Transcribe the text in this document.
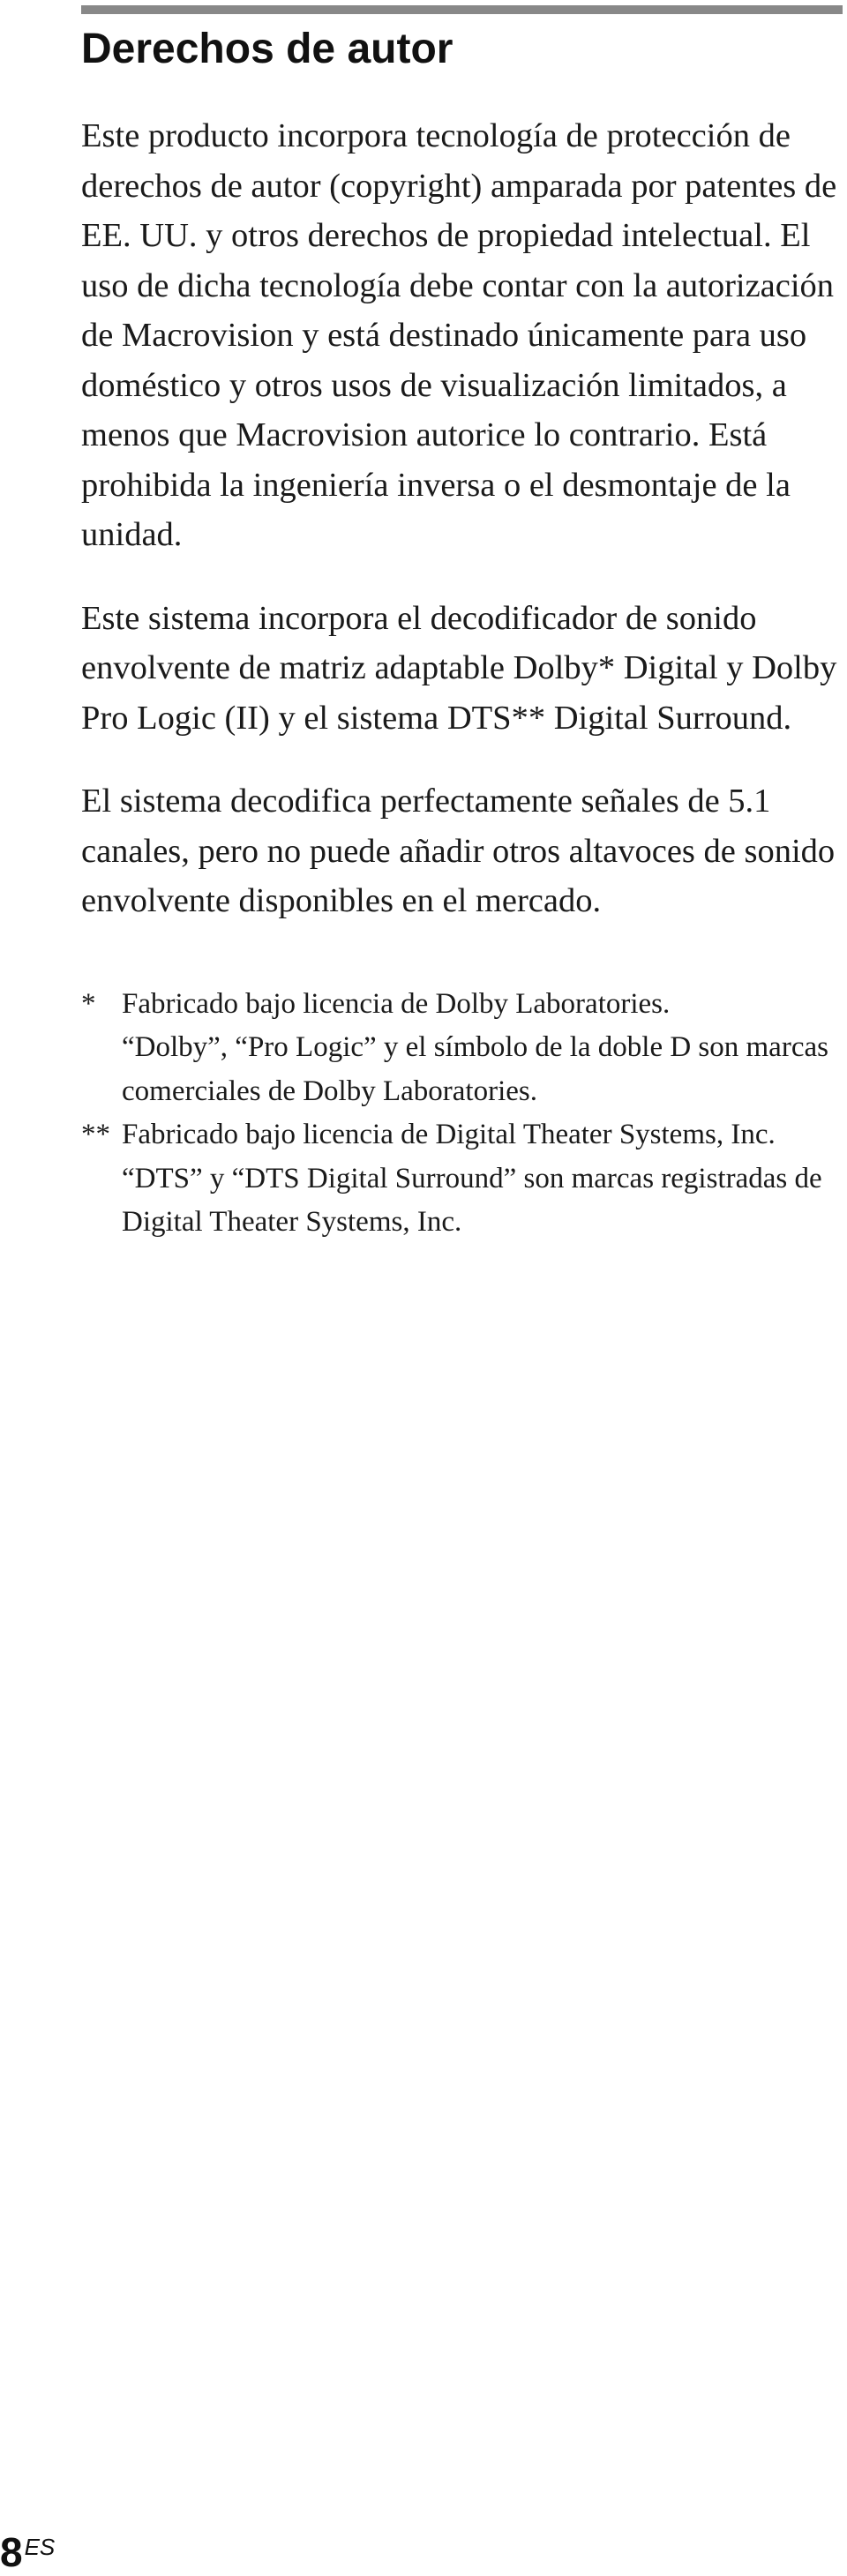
Derechos de autor

Este producto incorpora tecnología de protección de derechos de autor (copyright) amparada por patentes de EE. UU. y otros derechos de propiedad intelectual. El uso de dicha tecnología debe contar con la autorización de Macrovision y está destinado únicamente para uso doméstico y otros usos de visualización limitados, a menos que Macrovision autorice lo contrario. Está prohibida la ingeniería inversa o el desmontaje de la unidad.

Este sistema incorpora el decodificador de sonido envolvente de matriz adaptable Dolby* Digital y Dolby Pro Logic (II) y el sistema DTS** Digital Surround.

El sistema decodifica perfectamente señales de 5.1 canales, pero no puede añadir otros altavoces de sonido envolvente disponibles en el mercado.

* Fabricado bajo licencia de Dolby Laboratories.
“Dolby”, “Pro Logic” y el símbolo de la doble D son marcas comerciales de Dolby Laboratories.
** Fabricado bajo licencia de Digital Theater Systems, Inc.
“DTS” y “DTS Digital Surround” son marcas registradas de Digital Theater Systems, Inc.
8 ES
